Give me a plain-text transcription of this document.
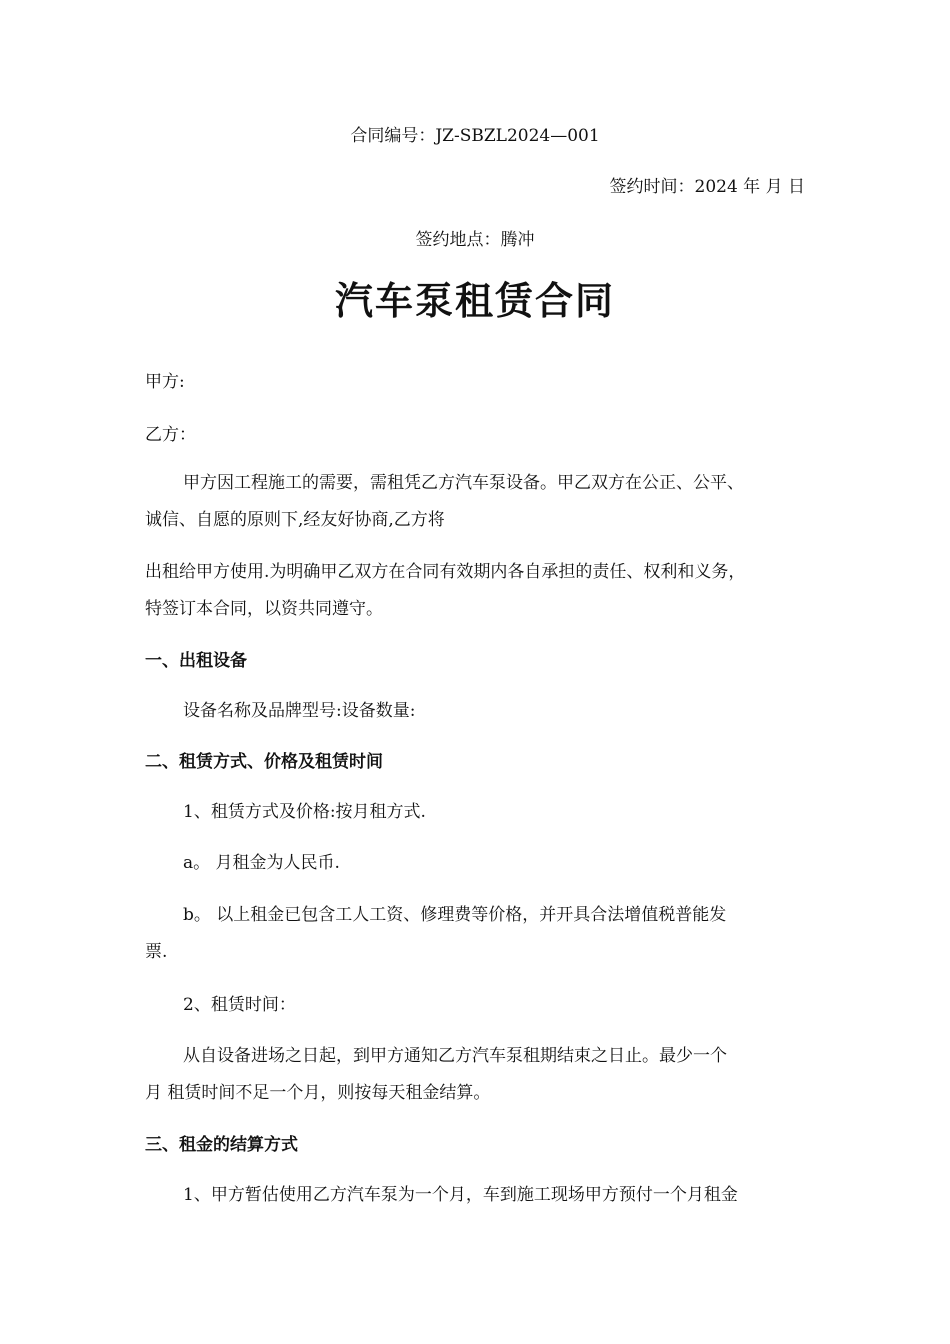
合同编号：JZ-SBZL2024—001
签约时间：2024 年 月 日
签约地点：腾冲
汽车泵租赁合同
甲方:
乙方：
甲方因工程施工的需要，需租凭乙方汽车泵设备。甲乙双方在公正、公平、
诚信、自愿的原则下,经友好协商,乙方将
出租给甲方使用.为明确甲乙双方在合同有效期内各自承担的责任、权利和义务，
特签订本合同，以资共同遵守。
一、出租设备
设备名称及品牌型号:设备数量:
二、租赁方式、价格及租赁时间
1、租赁方式及价格:按月租方式.
a。 月租金为人民币.
b。 以上租金已包含工人工资、修理费等价格，并开具合法增值税普能发
票.
2、租赁时间：
从自设备进场之日起，到甲方通知乙方汽车泵租期结束之日止。最少一个
月 租赁时间不足一个月，则按每天租金结算。
三、租金的结算方式
1、甲方暂估使用乙方汽车泵为一个月，车到施工现场甲方预付一个月租金
